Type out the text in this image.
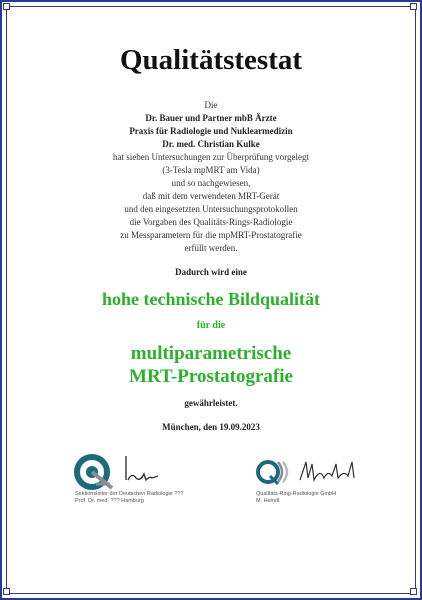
Qualitätstestat
Die
Dr. Bauer und Partner mbB Ärzte
Praxis für Radiologie und Nuklearmedizin
Dr. med. Christian Kulke
hat sieben Untersuchungen zur Überprüfung vorgelegt
(3-Tesla mpMRT am Vida)
und so nachgewiesen,
daß mit dem verwendeten MRT-Gerät
und den eingesetzten Untersuchungsprotokollen
die Vorgaben des Qualitäts-Rings-Radiologie
zu Messparametern für die mpMRT-Prostatografie
erfüllt werden.
Dadurch wird eine
hohe technische Bildqualität
für die
multiparametrische
MRT-Prostatografie
gewährleistet.
München, den 19.09.2023
Sektionsleiter der Deutschen Radiologie ???
Prof. Dr. med. ??? Hamburg
Qualitäts-Ring-Radiologie GmbH
M. Heindl
